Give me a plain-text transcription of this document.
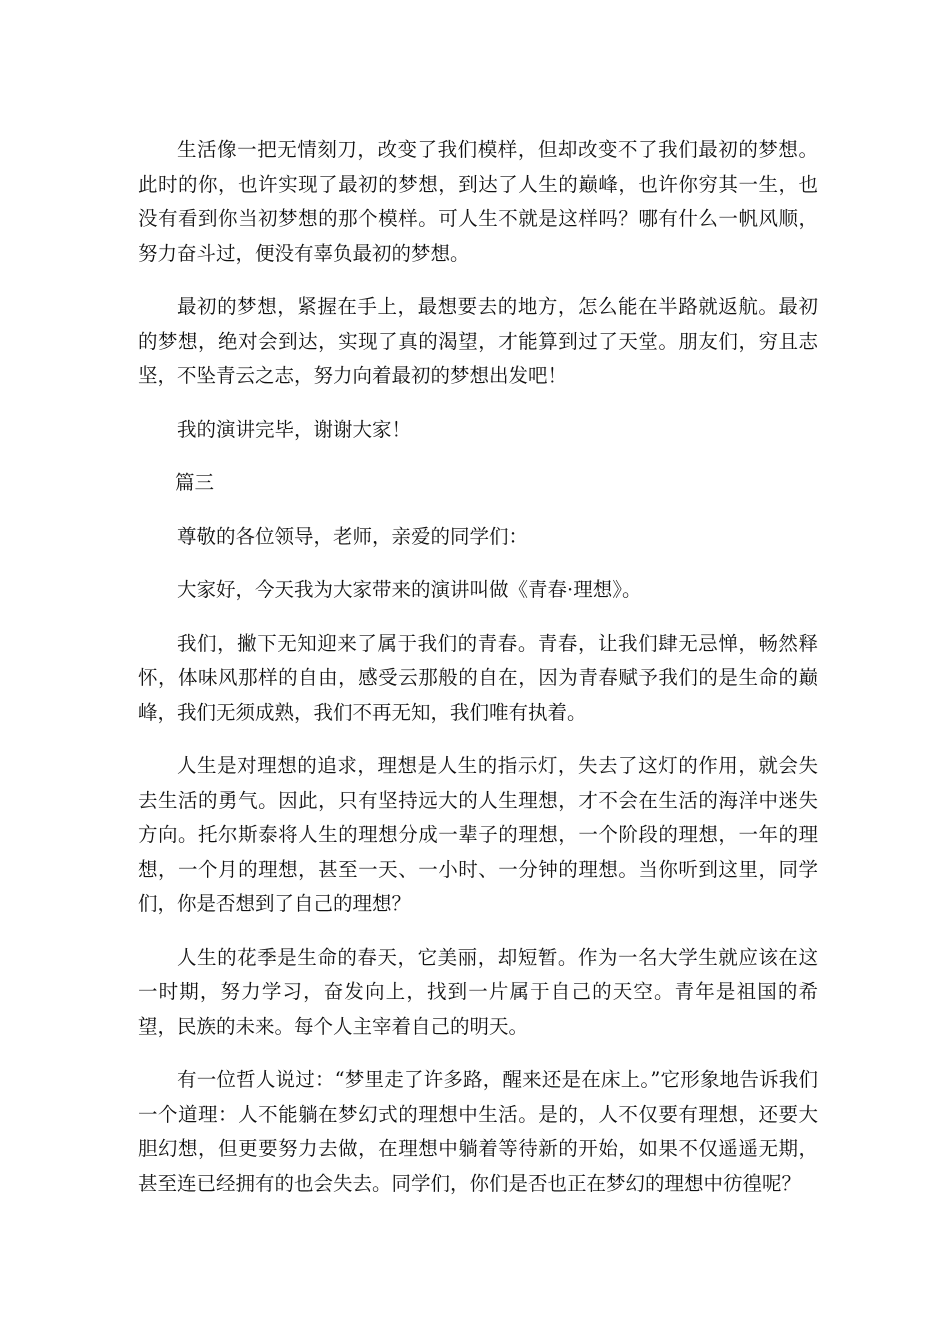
生活像一把无情刻刀，改变了我们模样，但却改变不了我们最初的梦想。此时的你，也许实现了最初的梦想，到达了人生的巅峰，也许你穷其一生，也没有看到你当初梦想的那个模样。可人生不就是这样吗？哪有什么一帆风顺，努力奋斗过，便没有辜负最初的梦想。

最初的梦想，紧握在手上，最想要去的地方，怎么能在半路就返航。最初的梦想，绝对会到达，实现了真的渴望，才能算到过了天堂。朋友们，穷且志坚，不坠青云之志，努力向着最初的梦想出发吧！

我的演讲完毕，谢谢大家！

篇三

尊敬的各位领导，老师，亲爱的同学们：

大家好，今天我为大家带来的演讲叫做《青春·理想》。

我们，撇下无知迎来了属于我们的青春。青春，让我们肆无忌惮，畅然释怀，体味风那样的自由，感受云那般的自在，因为青春赋予我们的是生命的巅峰，我们无须成熟，我们不再无知，我们唯有执着。

人生是对理想的追求，理想是人生的指示灯，失去了这灯的作用，就会失去生活的勇气。因此，只有坚持远大的人生理想，才不会在生活的海洋中迷失方向。托尔斯泰将人生的理想分成一辈子的理想，一个阶段的理想，一年的理想，一个月的理想，甚至一天、一小时、一分钟的理想。当你听到这里，同学们，你是否想到了自己的理想？

人生的花季是生命的春天，它美丽，却短暂。作为一名大学生就应该在这一时期，努力学习，奋发向上，找到一片属于自己的天空。青年是祖国的希望，民族的未来。每个人主宰着自己的明天。

有一位哲人说过：“梦里走了许多路，醒来还是在床上。”它形象地告诉我们一个道理：人不能躺在梦幻式的理想中生活。是的，人不仅要有理想，还要大胆幻想，但更要努力去做，在理想中躺着等待新的开始，如果不仅遥遥无期，甚至连已经拥有的也会失去。同学们，你们是否也正在梦幻的理想中彷徨呢？
